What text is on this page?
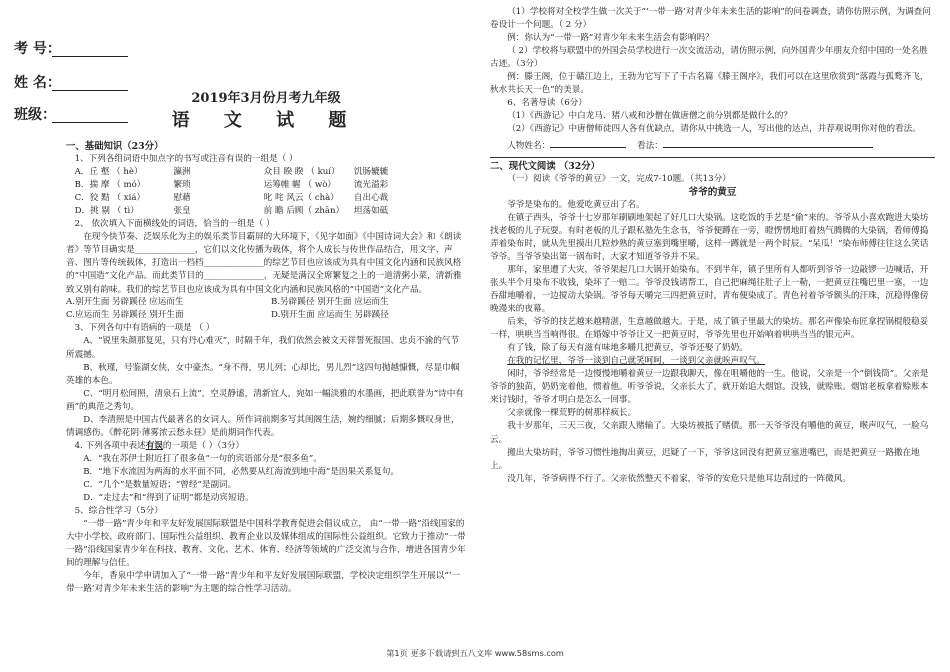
考 号：
姓 名：
班级：
2019年3月份月考九年级
语 文 试 题
一、基础知识（23分）
1、下列各组词语中加点字的书写或注音有误的一组是（ ）
A．丘 壑 （ hè）	瀛洲	众目 睽 睽 （ kuí）	饥肠辘辘
B．揣 摩 （ mó）	繁琐	运筹帷 幄 （ wò）	流光溢彩
C．狡 黠 （ xiá）	慰藉	叱 咤 风云（ chà）	自出心裁
D．挑 剔 （ tì）	张皇	前 瞻 后顾（ zhān）	坦荡如砥
2、 依次填入下面横线处的词语，恰当的一组是（ ）
在现今快节奏、泛娱乐化为主的娱乐类节目霸屏的大环境下，《见字如面》《中国诗词大会》和《朗读者》等节目确实是______________，它们以文化传播为载体，将个人成长与传世作品结合，用文字、声音、图片等传统载体，打造出一档档______________的综艺节目也应该成为具有中国文化内涵和民族风格的“中国造”文化产品。而此类节目的______________，无疑是满汉全席繁复之上的一道清粥小菜，清新雅致又别有韵味。我们的综艺节目也应该成为具有中国文化内涵和民族风格的“中国造”文化产品。
A.别开生面 另辟蹊径 应运而生	B.另辟蹊径 别开生面 应运而生
C.应运而生 另辟蹊径 别开生面	D.别开生面 应运而生 另辟蹊径
3、下列各句中有语病的一项是 （ ）
A、“锐里朱颜那复见，只有丹心难灭”，时隔千年，我们依然会被文天祥誓死报国、忠贞不渝的气节所震撼。
B、秋瑾，号鉴湖女侠，女中豪杰。“身不得，男儿列；心却比，男儿烈”这四句抛越慷慨，尽显巾帼英雄的本色。
C、“明月松间照，清泉石上流”，空灵静谧，清新宜人，宛如一幅淡雅的水墨画，把此联誉为“诗中有画”的典范之秀句。
D、李清照是中国古代最著名的女词人。所作词前期多写其闺阁生活，婉约细腻；后期多慨叹身世，情调感伤。《醉花阴·薄雾浓云愁永昼》是前期词作代表。
4. 下列各项中表述有误的一项是（ ）（3分）
A．“我在苏伊士附近打了很多鱼”一句的宾语部分是“很多鱼”。
B．“地下水流因为两海的水平面不同，必然要从红海流到地中海”是因果关系复句。
C．“几个”是数量短语；“曾经”是副词。
D．“走过去”和“得到了证明”都是动宾短语。
5、综合性学习（5分）
“一带一路”青少年和平友好发展国际联盟是中国科学教育促进会倡议成立， 由“一带一路”沿线国家的大中小学校、政府部门、国际性公益组织、教育企业以及媒体组成的国际性公益组织。它致力于推动“一带一路”沿线国家青少年在科技、教育、文化、艺术、体育、经济等领域的广泛交流与合作，增进各国青少年间的理解与信任。
今年，香泉中学申请加入了“一带一路”青少年和平友好发展国际联盟，学校决定组织学生开展以“‘一带一路’对青少年未来生活的影响”为主题的综合性学习活动。
（1）学校将对全校学生做一次关于“‘一带一路’对青少年未来生活的影响”的问卷调查，请你仿照示例，为调查问卷设计一个问题。（ 2 分）
例：你认为“一带一路”对青少年未来生活会有影响吗？
（ 2）学校将与联盟中的外国会员学校进行一次交流活动，请仿照示例，向外国青少年朋友介绍中国的一处名胜古迹。（3分）
例：滕王阁，位于赣江边上，王勃为它写下了千古名篇《滕王阁序》，我们可以在这里欣赏到“落霞与孤鹜齐飞，秋水共长天一色”的美景。
6、名著导读（6分）
（1）《西游记》中白龙马、猪八戒和沙僧在做唐僧之前分别都是做什么的？
（2）《西游记》中唐僧师徒四人各有优缺点，请你从中挑选一人，写出他的达点，并荐观说明你对他的看法。
人物姓名：	看法：
二、现代文阅读 （32分）
（一）阅读《爷爷的黄豆》一文，完成7-10题。（共13分）
爷爷的黄豆
爷爷是染布的。他爱吃黄豆出了名。
在镇子西头，爷爷十七岁那年刷刷地架起了好几口大染锅。这吃饭的手艺是“偷”来的。爷爷从小喜欢跑进大染坊找老板的儿子玩耍。有时老板的儿子跟私塾先生念书，爷爷便蹲在一旁，瞪愣愣地盯着热气腾腾的大染锅，看师傅捣弄着染布时，就从先里摸出几粒炒熟的黄豆塞到嘴里嚼，这样一蹲就是一两个时辰。“呆瓜！”染布师傅往往这么笑话爷爷。当爷爷染出第一锅布时，大家才知道爷爷并不呆。
那年，家里遭了大灾，爷爷架起几口大锅开始染布。不到半年，镇子里所有人都听到爷爷一边敲锣一边喊话，开张头半个月染布不收钱，染坏了一赔二。爷爷没钱请帮工，自己把麻绳往肚子上一勒，一把黄豆往嘴巴里一塞，一边吞甜地嚼着，一边搅动大染锅。爷爷每天嚼完三四把黄豆时，青布便染成了。青色衬着爷爷额头的汗珠，沉稳得像傍晚漫来的夜幕。
后来，爷爷的技艺越来越精湛，生意越做越大。于是，成了镇子里最大的染坊。那名声像染布匠拿捏锅棍般稳妥一样，哄哄当当响得很。在婚嫁中爷爷让又一把黄豆时，爷爷先里也开始响着哄哄当当的银元声。
有了钱，除了每天有滋有味地多嚼几把黄豆，爷爷还娶了奶奶。
在我的记忆里，爷爷一谈到自己就笑呵呵，一谈到父亲就唉声叹气。
闲时，爷爷经常是一边慢慢地嚼着黄豆一边跟我聊天，像在咀嚼他的一生。他说，父亲是一个“倒钱筒”。父亲是爷爷的独苗，奶奶宠着他，惯着他。听爷爷说，父亲长大了，就开始追大烟馆。没钱，就赊账。烟馆老板拿着赊账本来讨钱时，爷爷才明白是怎么一回事。
父亲就像一棵荒野的树那样疯长。
我十岁那年，三天三夜，父亲跟人赌输了。大染坊被抵了赌债。那一天爷爷没有嚼他的黄豆，喉声叹气，一脸乌云。
搬出大染坊时，爷爷习惯性地掏出黄豆，迟疑了一下，爷爷这回没有把黄豆塞进嘴巴，而是把黄豆一路撒在地上。
没几年，爷爷病得不行了。父亲依然整天不着家，爷爷的安危只是他耳边刮过的一阵微风。
第1页 更多下载请到五八文库 www.58sms.com
